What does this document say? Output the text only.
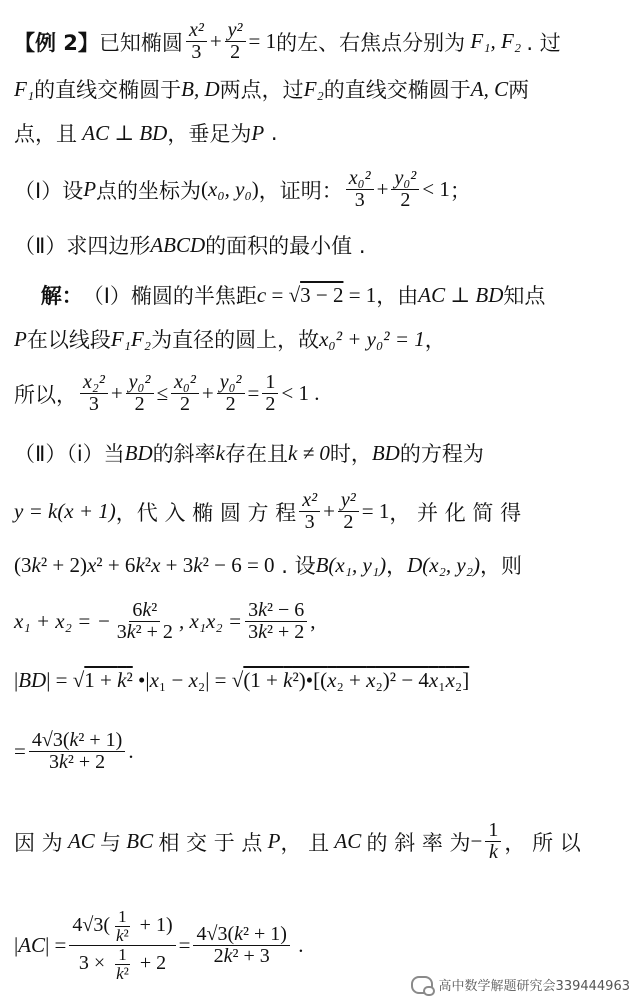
【例 2】 已知椭圆 $\frac{\text{x²}}{3} + \frac{\text{y²}}{2} = 1$ 的左、右焦点分别为 F₁, F₂ . 过
F₁ 的直线交椭圆于 B, D 两点，过 F₂ 的直线交椭圆于 A, C 两
点，且 AC ⊥ BD ，垂足为 P .
（Ⅰ）设 P 点的坐标为 ( x₀, y₀ ) ，证明： $\frac{\text{x₀²}}{3} + \frac{\text{y₀²}}{2} < 1$ ；
（Ⅱ）求四边形 ABCD 的面积的最小值 .

解： （Ⅰ）椭圆的半焦距 c = √3 − 2 = 1 ，由 AC ⊥ BD 知点
P 在以线段 F₁F₂ 为直径的圆上，故 x₀² + y₀² = 1 ，
所以， $\frac{\text{x₂²}}{3} + \frac{\text{y₀²}}{2} \le \frac{\text{x₀²}}{2} + \frac{\text{y₀²}}{2} = \frac{1}{2} < 1$ .
（Ⅱ）（ⅰ）当 BD 的斜率 k 存在且 k ≠ 0 时， BD 的方程为
y = k(x + 1) ，代 入 椭 圆 方 程 $\frac{\text{x²}}{3} + \frac{\text{y²}}{2} = 1$ ， 并 化 简 得
(3k² + 2)x² + 6k²x + 3k² − 6 = 0 . 设 B(x₁, y₁) ， D(x₂, y₂) ，则
x₁ + x₂ = − $\frac{\text{6k²}}{\text{3k² + 2}}$ , $x_1x_2 = \frac{\text{3k² − 6}}{\text{3k² + 2}}$ ,
|BD| = √1 + k² •|x₁ − x₂| = √(1 + k²)•[(x₂ + x₂)² − 4x₁x₂]
= $\frac{\text{4√3(k² + 1)}}{\text{3k² + 2}}$ .
因 为 AC 与 BC 相 交 于 点 P ， 且 AC 的 斜 率 为 − $\frac{1}{k}$ ， 所 以
$|AC| = \frac{4√3( \frac{1}{\text{k²}} + 1)}{3 \times \frac{1}{\text{k²}} + 2} = \frac{\text{4√3(k² + 1)}}{\text{2k² + 3}}$ .
高中数学解题研究会339444963
